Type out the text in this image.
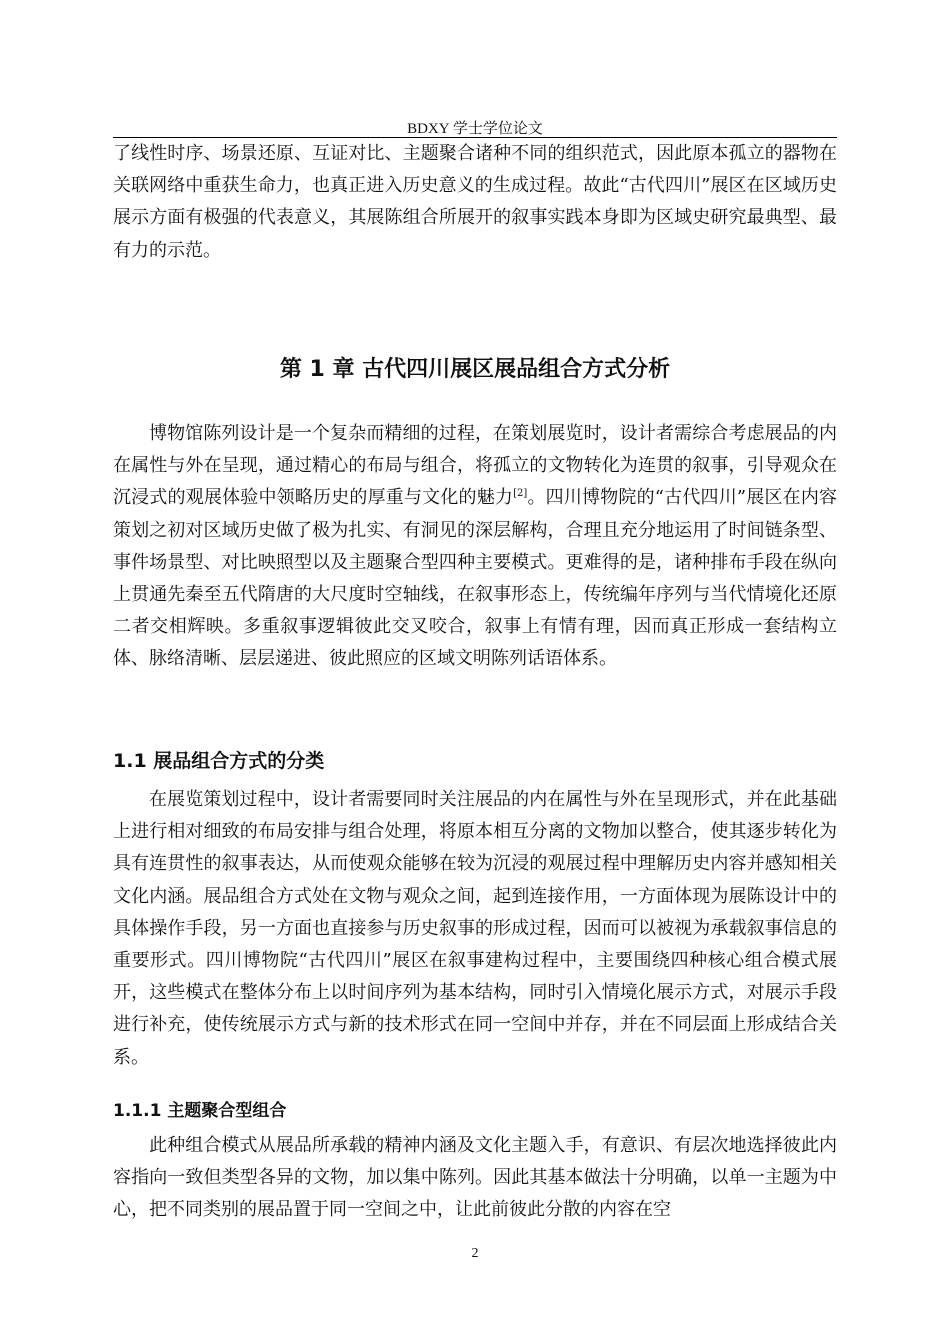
BDXY 学士学位论文

了线性时序、场景还原、互证对比、主题聚合诸种不同的组织范式，因此原本孤立的器物在关联网络中重获生命力，也真正进入历史意义的生成过程。故此“古代四川”展区在区域历史展示方面有极强的代表意义，其展陈组合所展开的叙事实践本身即为区域史研究最典型、最有力的示范。

第 1 章 古代四川展区展品组合方式分析

博物馆陈列设计是一个复杂而精细的过程，在策划展览时，设计者需综合考虑展品的内在属性与外在呈现，通过精心的布局与组合，将孤立的文物转化为连贯的叙事，引导观众在沉浸式的观展体验中领略历史的厚重与文化的魅力[2]。四川博物院的“古代四川”展区在内容策划之初对区域历史做了极为扎实、有洞见的深层解构，合理且充分地运用了时间链条型、事件场景型、对比映照型以及主题聚合型四种主要模式。更难得的是，诸种排布手段在纵向上贯通先秦至五代隋唐的大尺度时空轴线，在叙事形态上，传统编年序列与当代情境化还原二者交相辉映。多重叙事逻辑彼此交叉咬合，叙事上有情有理，因而真正形成一套结构立体、脉络清晰、层层递进、彼此照应的区域文明陈列话语体系。

1.1 展品组合方式的分类

在展览策划过程中，设计者需要同时关注展品的内在属性与外在呈现形式，并在此基础上进行相对细致的布局安排与组合处理，将原本相互分离的文物加以整合，使其逐步转化为具有连贯性的叙事表达，从而使观众能够在较为沉浸的观展过程中理解历史内容并感知相关文化内涵。展品组合方式处在文物与观众之间，起到连接作用，一方面体现为展陈设计中的具体操作手段，另一方面也直接参与历史叙事的形成过程，因而可以被视为承载叙事信息的重要形式。四川博物院“古代四川”展区在叙事建构过程中，主要围绕四种核心组合模式展开，这些模式在整体分布上以时间序列为基本结构，同时引入情境化展示方式，对展示手段进行补充，使传统展示方式与新的技术形式在同一空间中并存，并在不同层面上形成结合关系。

1.1.1 主题聚合型组合

此种组合模式从展品所承载的精神内涵及文化主题入手，有意识、有层次地选择彼此内容指向一致但类型各异的文物，加以集中陈列。因此其基本做法十分明确，以单一主题为中心，把不同类别的展品置于同一空间之中，让此前彼此分散的内容在空

2
